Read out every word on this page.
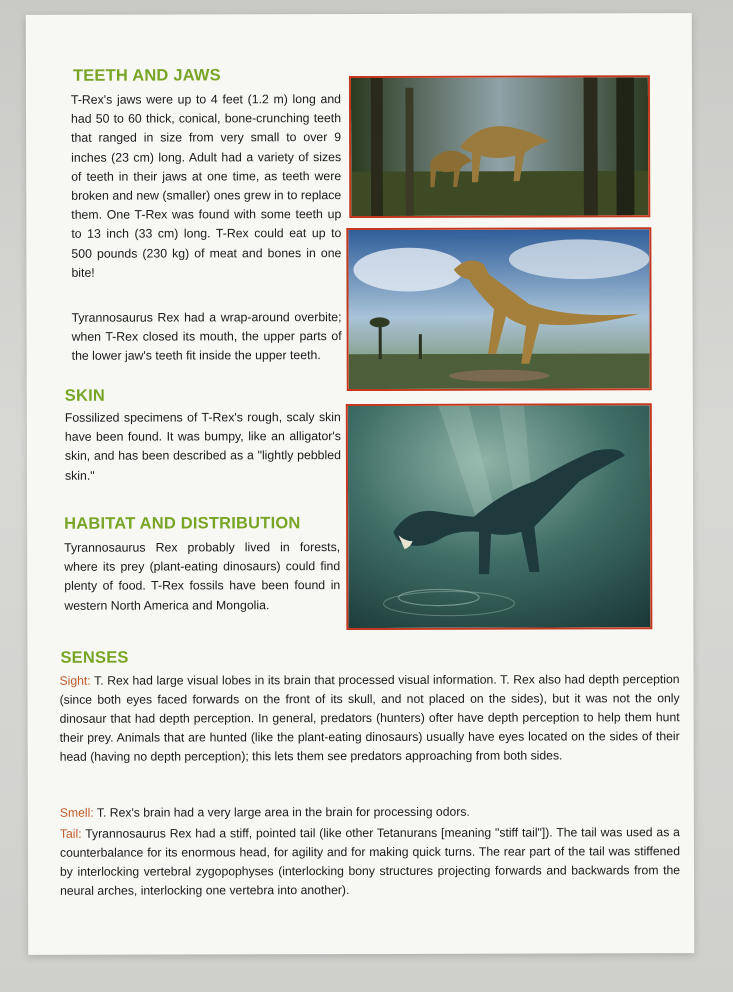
TEETH AND JAWS

T-Rex's jaws were up to 4 feet (1.2 m) long and had 50 to 60 thick, conical, bone-crunching teeth that ranged in size from very small to over 9 inches (23 cm) long. Adult had a variety of sizes of teeth in their jaws at one time, as teeth were broken and new (smaller) ones grew in to replace them. One T-Rex was found with some teeth up to 13 inch (33 cm) long. T-Rex could eat up to 500 pounds (230 kg) of meat and bones in one bite!

Tyrannosaurus Rex had a wrap-around overbite; when T-Rex closed its mouth, the upper parts of the lower jaw's teeth fit inside the upper teeth.

SKIN

Fossilized specimens of T-Rex's rough, scaly skin have been found. It was bumpy, like an alligator's skin, and has been described as a "lightly pebbled skin."

HABITAT AND DISTRIBUTION

Tyrannosaurus Rex probably lived in forests, where its prey (plant-eating dinosaurs) could find plenty of food. T-Rex fossils have been found in western North America and Mongolia.

SENSES

Sight: T. Rex had large visual lobes in its brain that processed visual information. T. Rex also had depth perception (since both eyes faced forwards on the front of its skull, and not placed on the sides), but it was not the only dinosaur that had depth perception. In general, predators (hunters) ofter have depth perception to help them hunt their prey. Animals that are hunted (like the plant-eating dinosaurs) usually have eyes located on the sides of their head (having no depth perception); this lets them see predators approaching from both sides.

Smell: T. Rex's brain had a very large area in the brain for processing odors.

Tail: Tyrannosaurus Rex had a stiff, pointed tail (like other Tetanurans [meaning "stiff tail"]). The tail was used as a counterbalance for its enormous head, for agility and for making quick turns. The rear part of the tail was stiffened by interlocking vertebral zygopophyses (interlocking bony structures projecting forwards and backwards from the neural arches, interlocking one vertebra into another).
